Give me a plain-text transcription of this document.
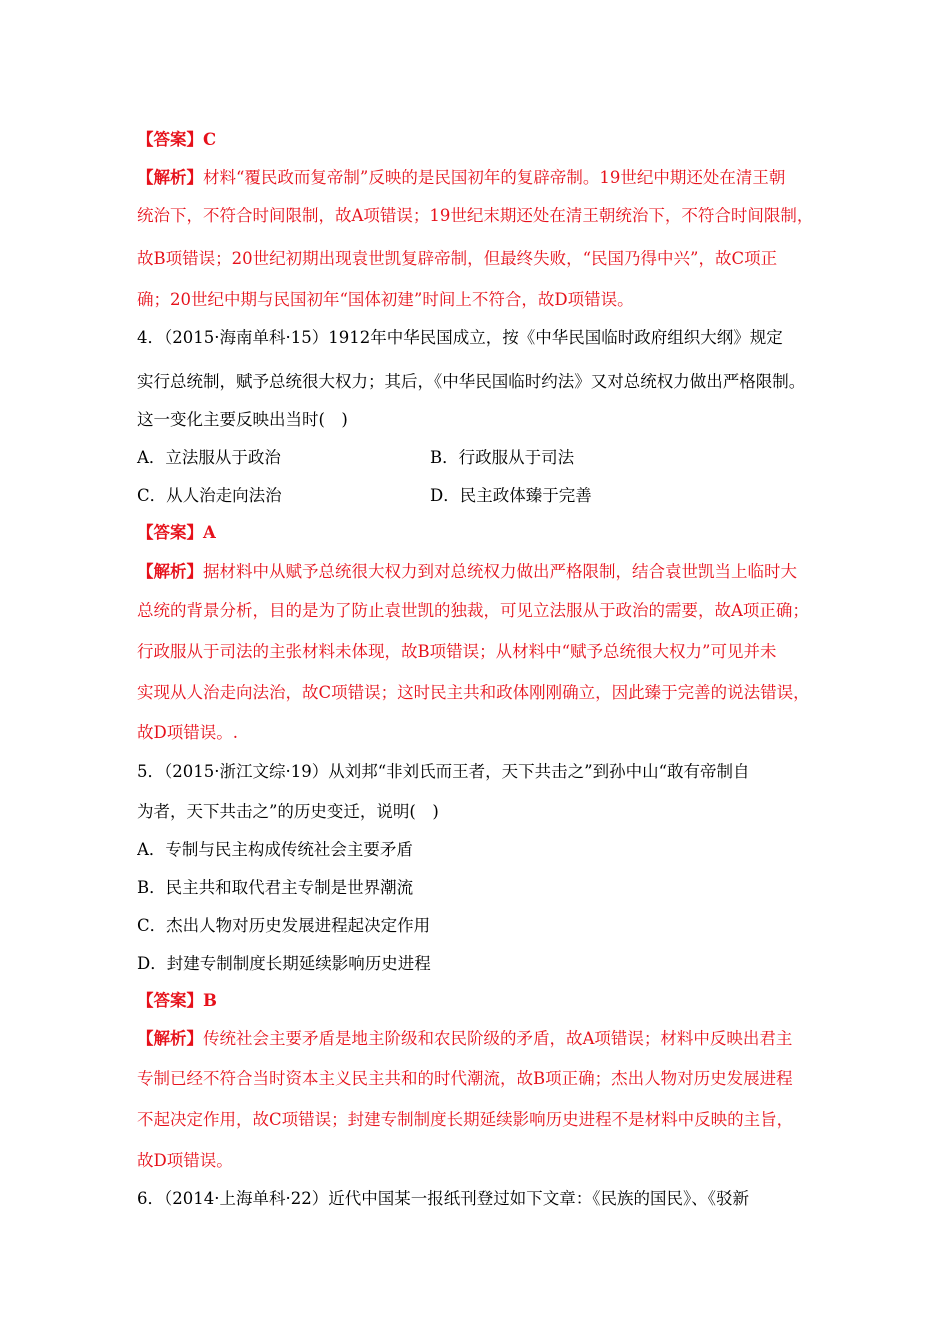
【答案】C
【解析】材料“覆民政而复帝制”反映的是民国初年的复辟帝制。19世纪中期还处在清王朝
统治下，不符合时间限制，故A项错误；19世纪末期还处在清王朝统治下，不符合时间限制，
故B项错误；20世纪初期出现袁世凯复辟帝制，但最终失败，“民国乃得中兴”，故C项正
确；20世纪中期与民国初年“国体初建”时间上不符合，故D项错误。
4．（2015·海南单科·15）1912年中华民国成立，按《中华民国临时政府组织大纲》规定
实行总统制，赋予总统很大权力；其后，《中华民国临时约法》又对总统权力做出严格限制。
这一变化主要反映出当时(　)
A．立法服从于政治	B．行政服从于司法
C．从人治走向法治	D．民主政体臻于完善
【答案】A
【解析】据材料中从赋予总统很大权力到对总统权力做出严格限制，结合袁世凯当上临时大
总统的背景分析，目的是为了防止袁世凯的独裁，可见立法服从于政治的需要，故A项正确；
行政服从于司法的主张材料未体现，故B项错误；从材料中“赋予总统很大权力”可见并未
实现从人治走向法治，故C项错误；这时民主共和政体刚刚确立，因此臻于完善的说法错误，
故D项错误。.
5．（2015·浙江文综·19）从刘邦“非刘氏而王者，天下共击之”到孙中山“敢有帝制自
为者，天下共击之”的历史变迁，说明(　)
A．专制与民主构成传统社会主要矛盾
B．民主共和取代君主专制是世界潮流
C．杰出人物对历史发展进程起决定作用
D．封建专制制度长期延续影响历史进程
【答案】B
【解析】传统社会主要矛盾是地主阶级和农民阶级的矛盾，故A项错误；材料中反映出君主
专制已经不符合当时资本主义民主共和的时代潮流，故B项正确；杰出人物对历史发展进程
不起决定作用，故C项错误；封建专制制度长期延续影响历史进程不是材料中反映的主旨，
故D项错误。
6．（2014·上海单科·22）近代中国某一报纸刊登过如下文章：《民族的国民》、《驳新
